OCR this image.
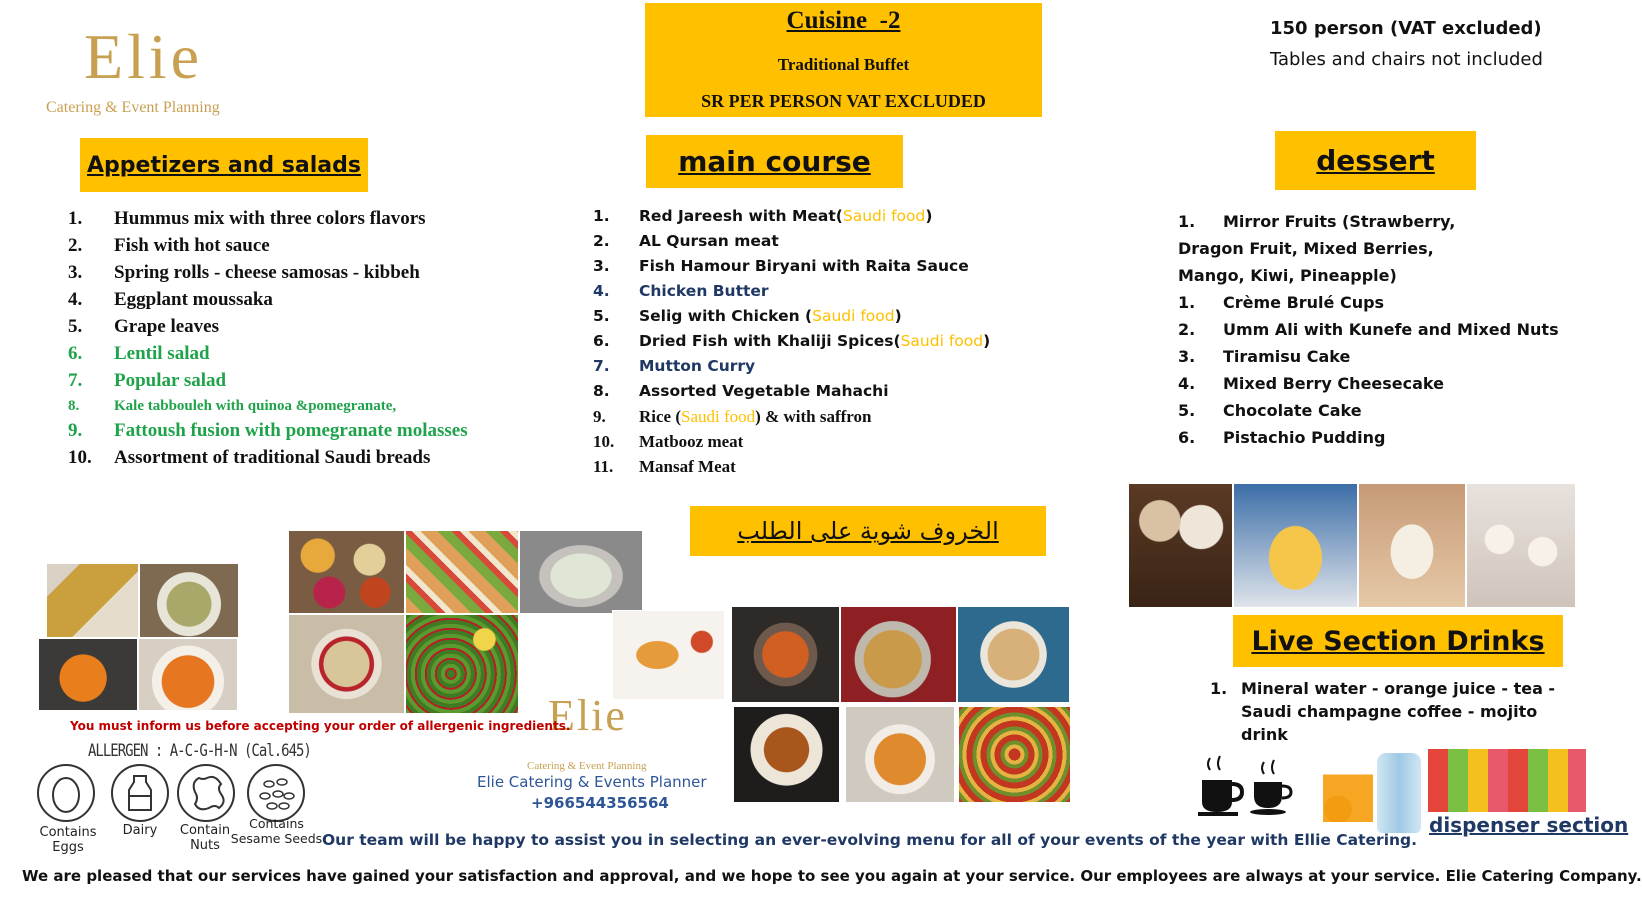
Elie
Catering & Event Planning
Cuisine  -2
Traditional Buffet
SR PER PERSON VAT EXCLUDED
150 person (VAT excluded)
Tables and chairs not included
Appetizers and salads
1. Hummus mix with three colors flavors
2. Fish with hot sauce
3. Spring rolls - cheese samosas - kibbeh
4. Eggplant moussaka
5. Grape leaves
6. Lentil salad
7. Popular salad
8. Kale tabbouleh with quinoa &pomegranate,
9. Fattoush fusion with pomegranate molasses
10. Assortment of traditional Saudi breads
main course
1. Red Jareesh with Meat(Saudi food)
2. AL Qursan meat
3. Fish Hamour Biryani with Raita Sauce
4. Chicken Butter
5. Selig with Chicken (Saudi food)
6. Dried Fish with Khaliji Spices(Saudi food)
7. Mutton Curry
8. Assorted Vegetable Mahachi
9. Rice (Saudi food) & with saffron
10. Matbooz meat
11. Mansaf Meat
الخروف شوية على الطلب
dessert
1. Mirror Fruits (Strawberry,
Dragon Fruit, Mixed Berries,
Mango, Kiwi, Pineapple)
1. Crème Brulé Cups
2. Umm Ali with Kunefe and Mixed Nuts
3. Tiramisu Cake
4. Mixed Berry Cheesecake
5. Chocolate Cake
6. Pistachio Pudding
Live Section Drinks
1. Mineral water - orange juice - tea -
Saudi champagne coffee - mojito
drink
dispenser section
Elie
Catering & Event Planning
Elie Catering & Events Planner
+966544356564
You must inform us before accepting your order of allergenic ingredients.
ALLERGEN : A-C-G-H-N (Cal.645)
Contains
Eggs
Dairy	Contain
Nuts
Contains
Sesame Seeds Our team will be happy to assist you in selecting an ever-evolving menu for all of your events of the year with Ellie Catering.
We are pleased that our services have gained your satisfaction and approval, and we hope to see you again at your service. Our employees are always at your service. Elie Catering Company.
